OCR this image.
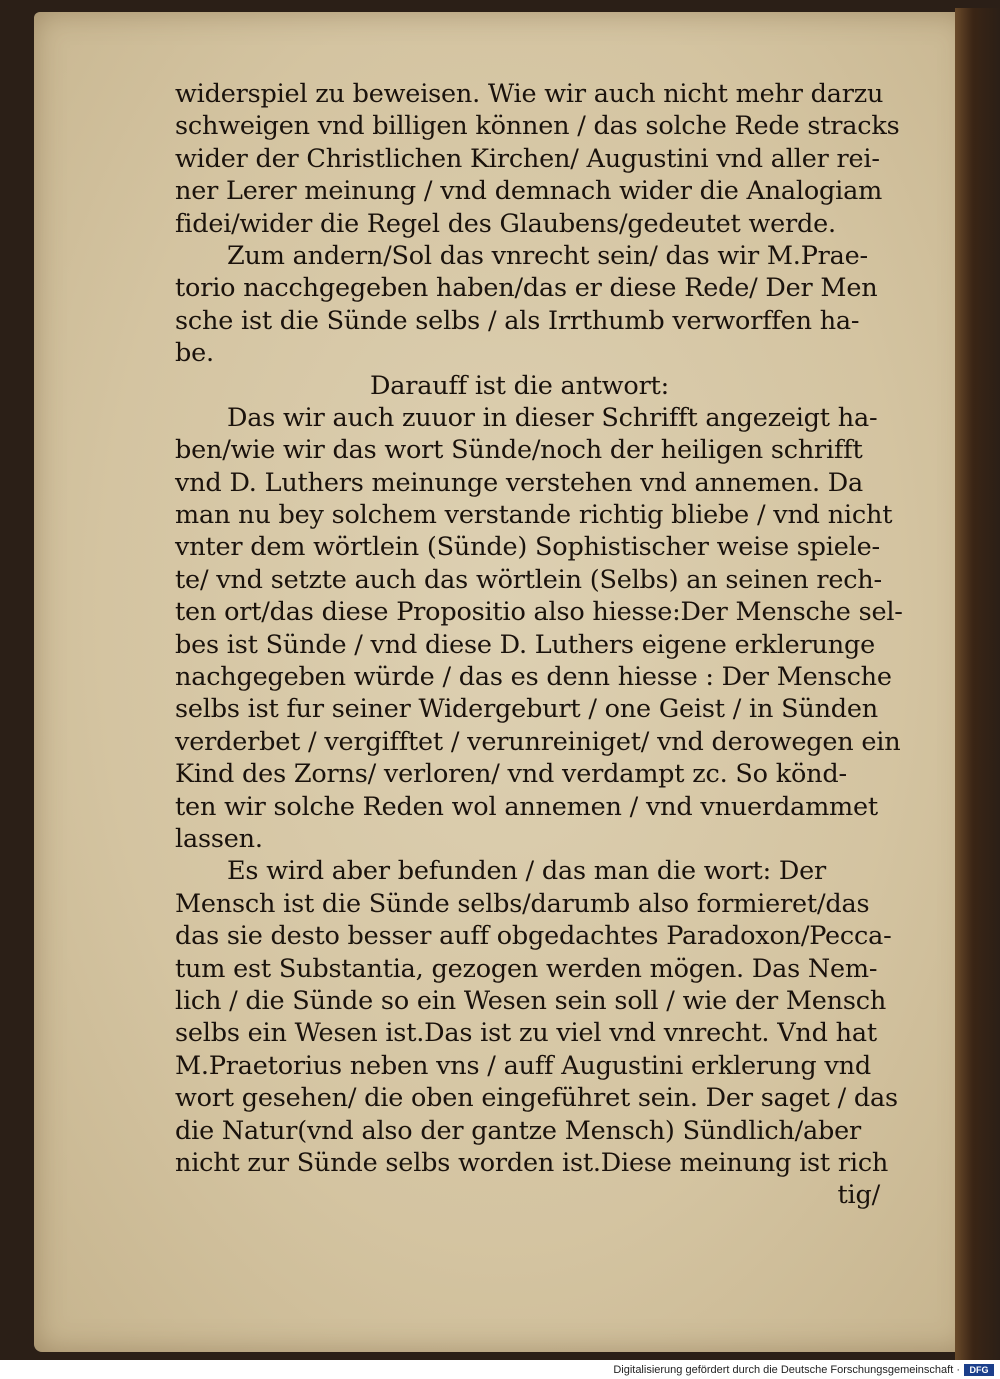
widerspiel zu beweisen. Wie wir auch nicht mehr darzu
schweigen vnd billigen können / das solche Rede stracks
wider der Christlichen Kirchen/ Augustini vnd aller rei-
ner Lerer meinung / vnd demnach wider die Analogiam
fidei/wider die Regel des Glaubens/gedeutet werde.
Zum andern/Sol das vnrecht sein/ das wir M.Prae-
torio nacchgegeben haben/das er diese Rede/ Der Men
sche ist die Sünde selbs / als Irrthumb verworffen ha-
be.
Darauff ist die antwort:
Das wir auch zuuor in dieser Schrifft angezeigt ha-
ben/wie wir das wort Sünde/noch der heiligen schrifft
vnd D. Luthers meinunge verstehen vnd annemen. Da
man nu bey solchem verstande richtig bliebe / vnd nicht
vnter dem wörtlein (Sünde) Sophistischer weise spiele-
te/ vnd setzte auch das wörtlein (Selbs) an seinen rech-
ten ort/das diese Propositio also hiesse:Der Mensche sel-
bes ist Sünde / vnd diese D. Luthers eigene erklerunge
nachgegeben würde / das es denn hiesse : Der Mensche
selbs ist fur seiner Widergeburt / one Geist / in Sünden
verderbet / vergifftet / verunreiniget/ vnd derowegen ein
Kind des Zorns/ verloren/ vnd verdampt zc. So könd-
ten wir solche Reden wol annemen / vnd vnuerdammet
lassen.
Es wird aber befunden / das man die wort: Der
Mensch ist die Sünde selbs/darumb also formieret/das
das sie desto besser auff obgedachtes Paradoxon/Pecca-
tum est Substantia, gezogen werden mögen. Das Nem-
lich / die Sünde so ein Wesen sein soll / wie der Mensch
selbs ein Wesen ist.Das ist zu viel vnd vnrecht. Vnd hat
M.Praetorius neben vns / auff Augustini erklerung vnd
wort gesehen/ die oben eingeführet sein. Der saget / das
die Natur(vnd also der gantze Mensch) Sündlich/aber
nicht zur Sünde selbs worden ist.Diese meinung ist rich
tig/
Digitalisierung gefördert durch die Deutsche Forschungsgemeinschaft ·	DFG
